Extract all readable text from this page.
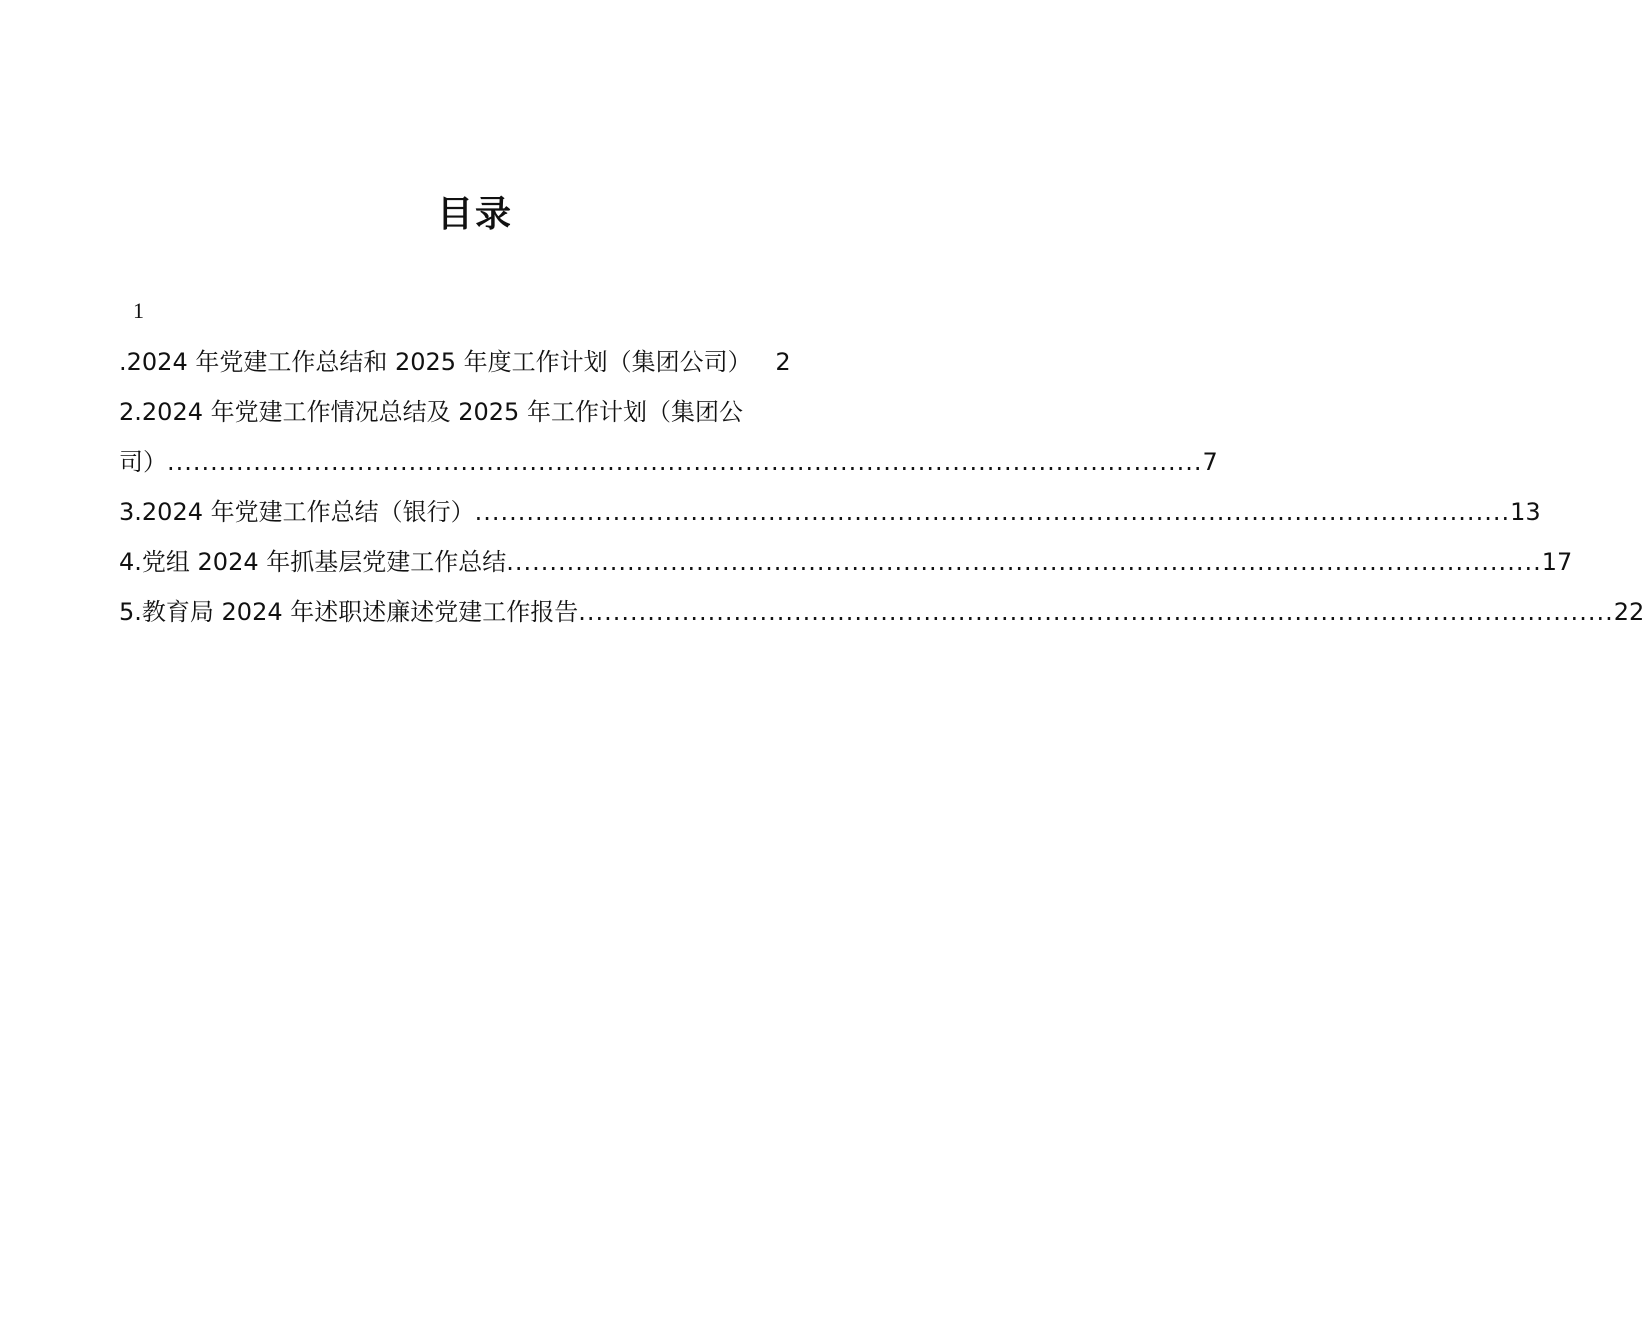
目录
1
.2024 年党建工作总结和 2025 年度工作计划（集团公司） 2
2.2024 年党建工作情况总结及 2025 年工作计划（集团公
司） ........................................................................................................................ 7
3.2024 年党建工作总结（银行） ........................................................................................................................ 13
4.党组 2024 年抓基层党建工作总结 ........................................................................................................................ 17
5.教育局 2024 年述职述廉述党建工作报告 ........................................................................................................................ 22
